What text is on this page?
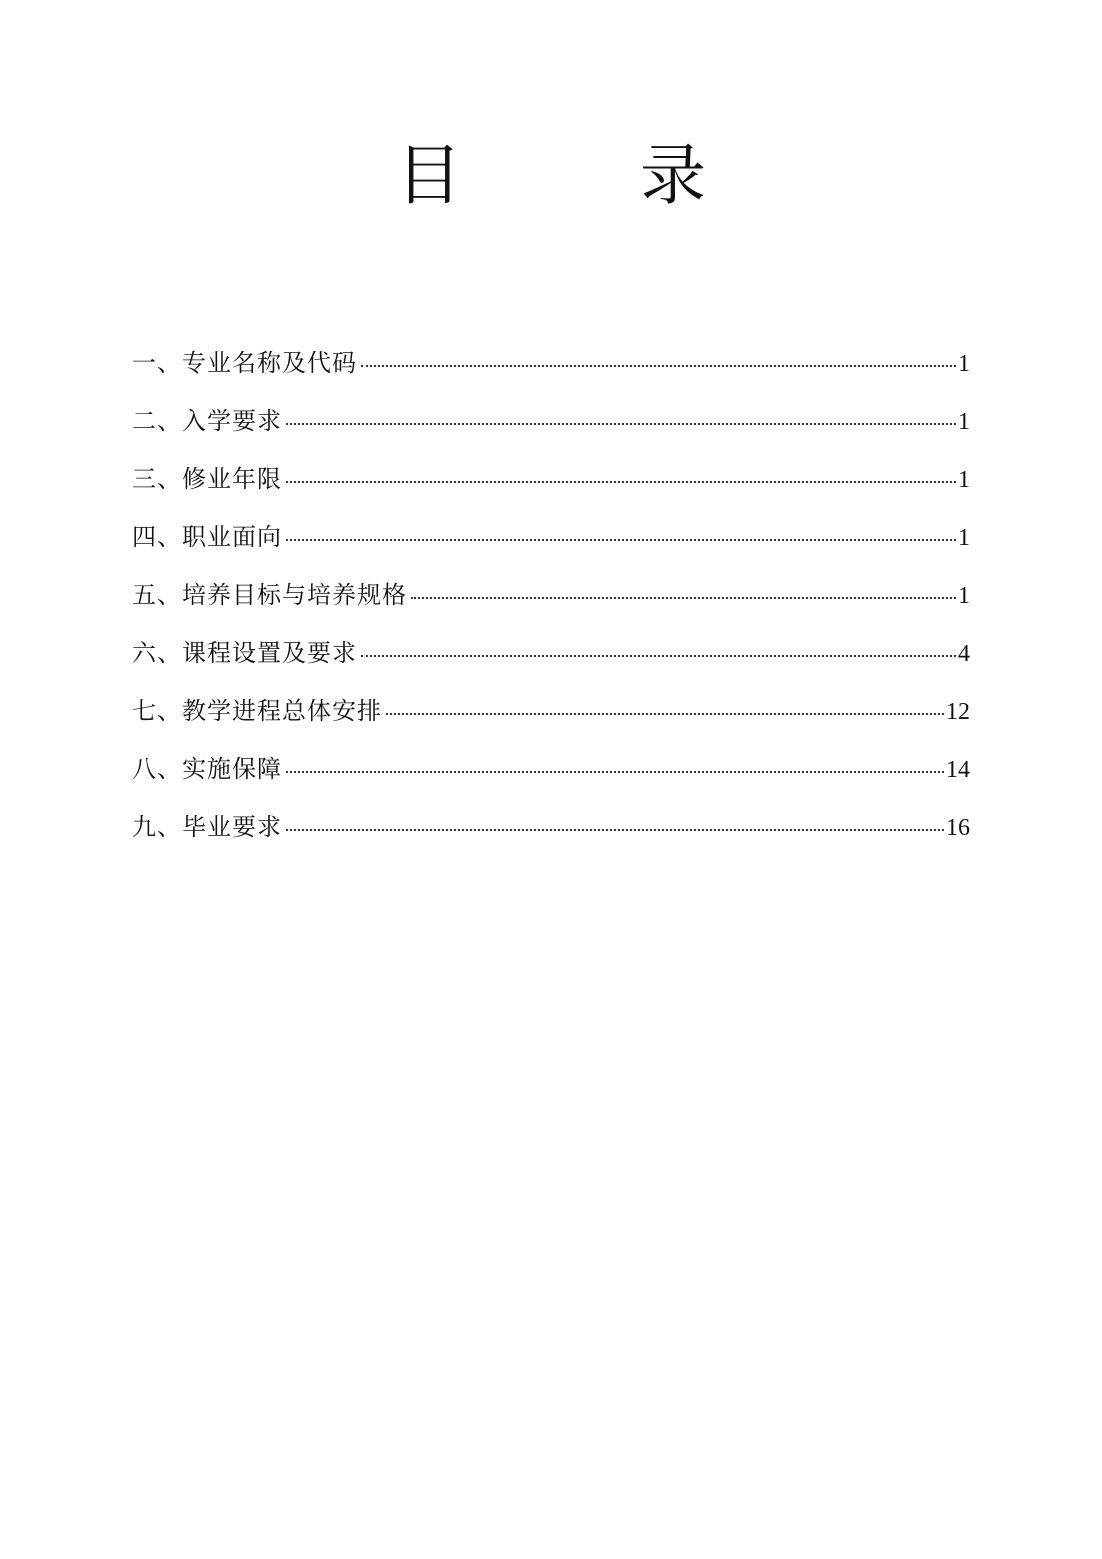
目　录
一、专业名称及代码	1
二、入学要求	1
三、修业年限	1
四、职业面向	1
五、培养目标与培养规格	1
六、课程设置及要求	4
七、教学进程总体安排	12
八、实施保障	14
九、毕业要求	16
